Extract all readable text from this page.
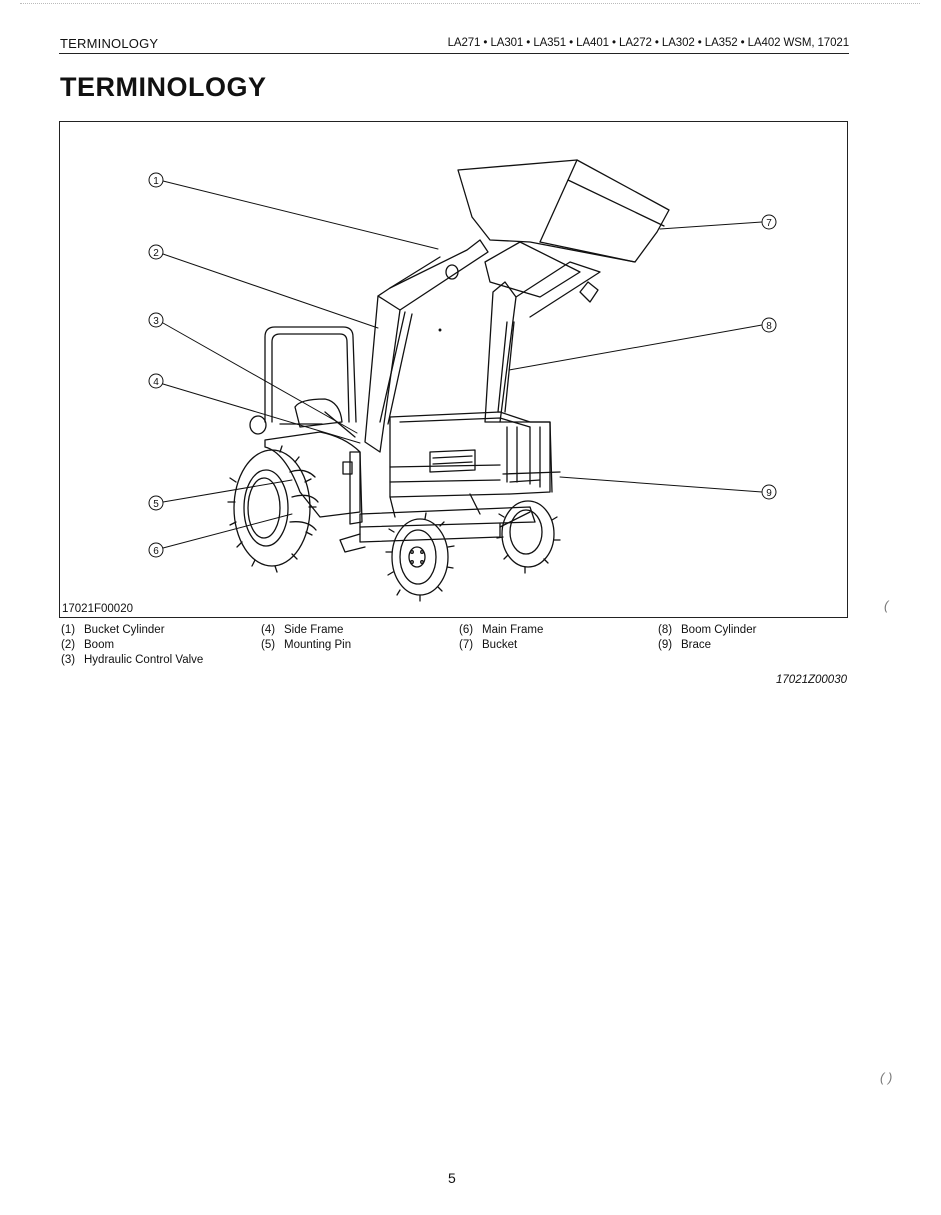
TERMINOLOGY	LA271 • LA301 • LA351 • LA401 • LA272 • LA302 • LA352 • LA402 WSM, 17021
TERMINOLOGY
1
2
3
4
5
6
7
8
9
17021F00020
(1) Bucket Cylinder
(2) Boom
(3) Hydraulic Control Valve
(4) Side Frame
(5) Mounting Pin
(6) Main Frame
(7) Bucket
(8) Boom Cylinder
(9) Brace
17021Z00030
(
( )
5
